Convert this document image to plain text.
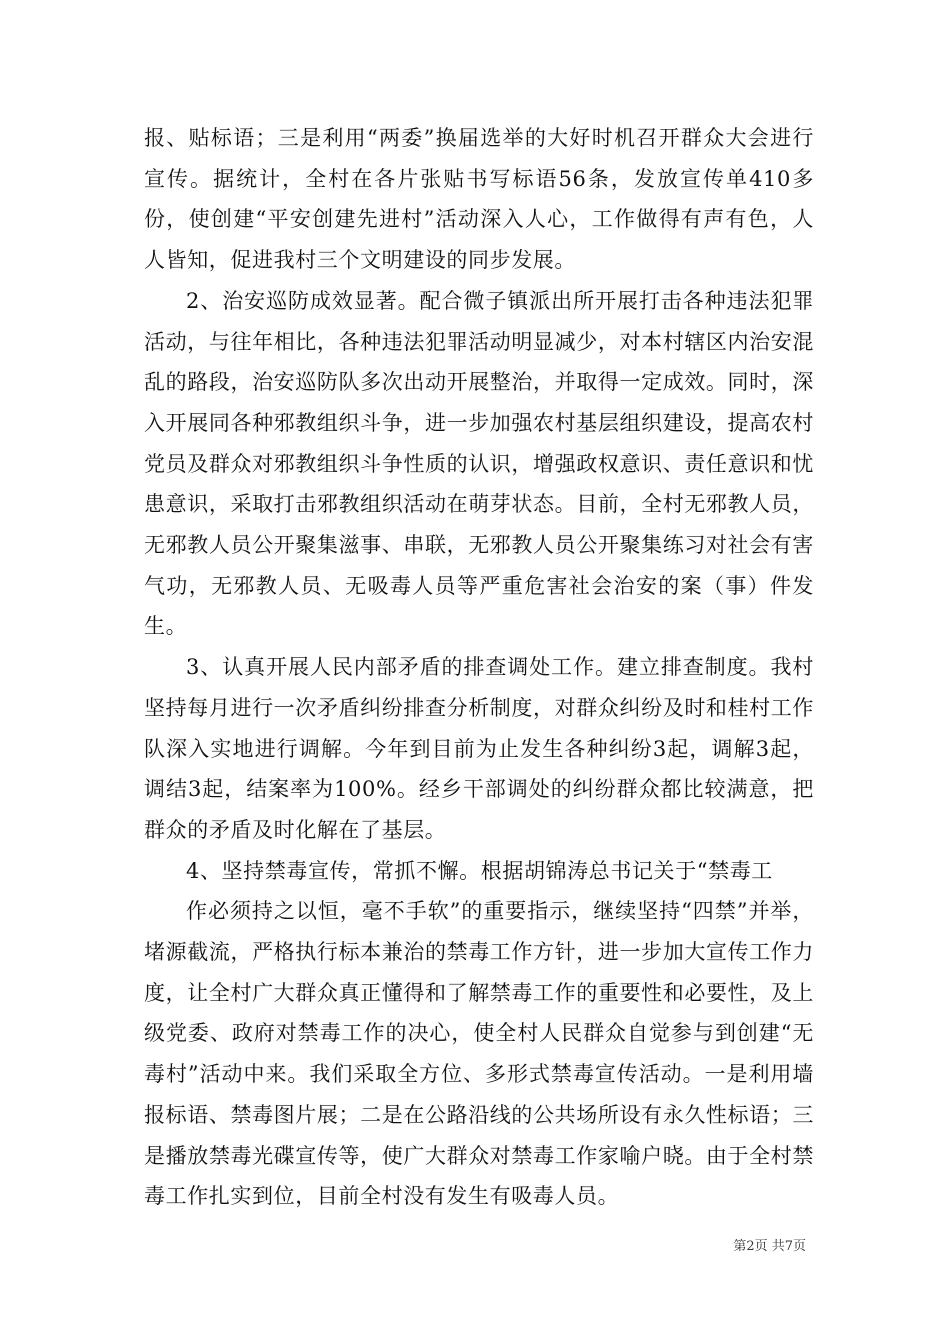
报、贴标语；三是利用“两委”换届选举的大好时机召开群众大会进行宣传。据统计，全村在各片张贴书写标语56条，发放宣传单410多份，使创建“平安创建先进村”活动深入人心，工作做得有声有色，人人皆知，促进我村三个文明建设的同步发展。

2、治安巡防成效显著。配合微子镇派出所开展打击各种违法犯罪活动，与往年相比，各种违法犯罪活动明显减少，对本村辖区内治安混乱的路段，治安巡防队多次出动开展整治，并取得一定成效。同时，深入开展同各种邪教组织斗争，进一步加强农村基层组织建设，提高农村党员及群众对邪教组织斗争性质的认识，增强政权意识、责任意识和忧患意识，采取打击邪教组织活动在萌芽状态。目前，全村无邪教人员，无邪教人员公开聚集滋事、串联，无邪教人员公开聚集练习对社会有害气功，无邪教人员、无吸毒人员等严重危害社会治安的案（事）件发生。

3、认真开展人民内部矛盾的排查调处工作。建立排查制度。我村坚持每月进行一次矛盾纠纷排查分析制度，对群众纠纷及时和桂村工作队深入实地进行调解。今年到目前为止发生各种纠纷3起，调解3起，调结3起，结案率为100%。经乡干部调处的纠纷群众都比较满意，把群众的矛盾及时化解在了基层。

4、坚持禁毒宣传，常抓不懈。根据胡锦涛总书记关于“禁毒工

作必须持之以恒，毫不手软”的重要指示，继续坚持“四禁”并举，堵源截流，严格执行标本兼治的禁毒工作方针，进一步加大宣传工作力度，让全村广大群众真正懂得和了解禁毒工作的重要性和必要性，及上级党委、政府对禁毒工作的决心，使全村人民群众自觉参与到创建“无毒村”活动中来。我们采取全方位、多形式禁毒宣传活动。一是利用墙报标语、禁毒图片展；二是在公路沿线的公共场所设有永久性标语；三是播放禁毒光碟宣传等，使广大群众对禁毒工作家喻户晓。由于全村禁毒工作扎实到位，目前全村没有发生有吸毒人员。

第2页 共7页
